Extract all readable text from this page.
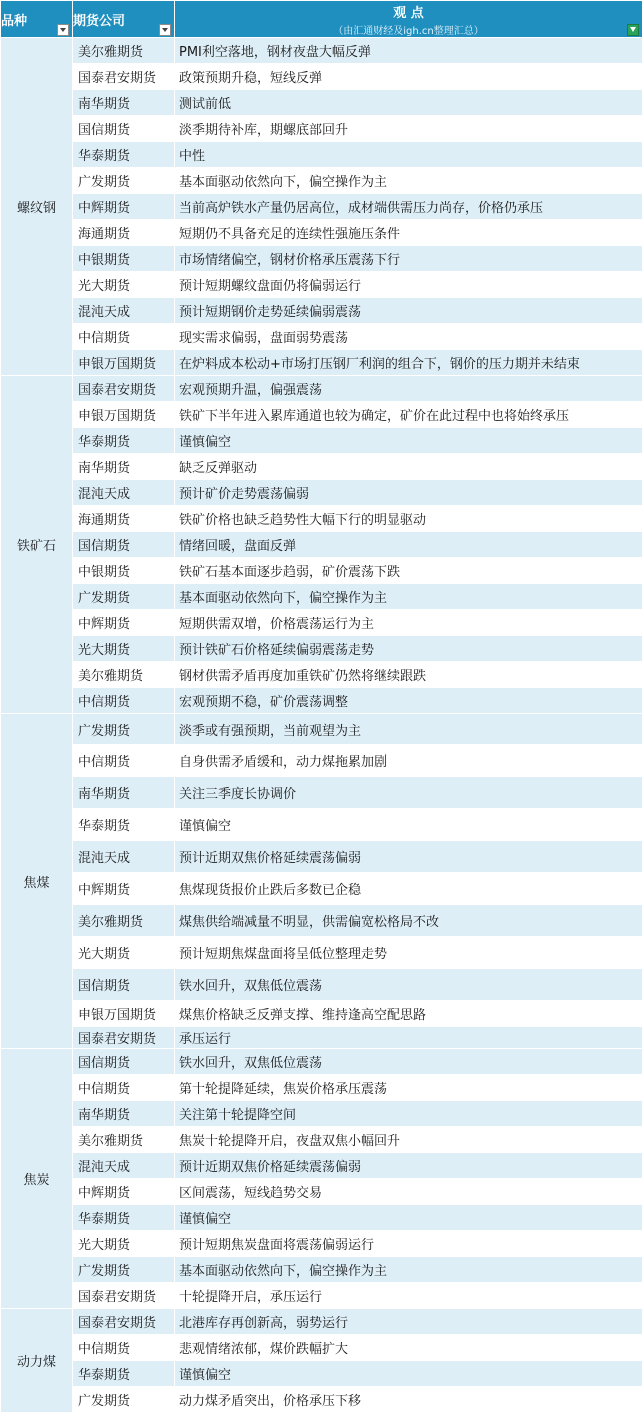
品种	期货公司	观 点
（由汇通财经及igh.cn整理汇总）

螺纹钢	美尔雅期货	PMI利空落地，钢材夜盘大幅反弹
	国泰君安期货	政策预期升稳，短线反弹
	南华期货	测试前低
	国信期货	淡季期待补库，期螺底部回升
	华泰期货	中性
	广发期货	基本面驱动依然向下，偏空操作为主
	中辉期货	当前高炉铁水产量仍居高位，成材端供需压力尚存，价格仍承压
	海通期货	短期仍不具备充足的连续性强施压条件
	中银期货	市场情绪偏空，钢材价格承压震荡下行
	光大期货	预计短期螺纹盘面仍将偏弱运行
	混沌天成	预计短期钢价走势延续偏弱震荡
	中信期货	现实需求偏弱，盘面弱势震荡
	申银万国期货	在炉料成本松动+市场打压钢厂利润的组合下，钢价的压力期并未结束
铁矿石	国泰君安期货	宏观预期升温，偏强震荡
	申银万国期货	铁矿下半年进入累库通道也较为确定，矿价在此过程中也将始终承压
	华泰期货	谨慎偏空
	南华期货	缺乏反弹驱动
	混沌天成	预计矿价走势震荡偏弱
	海通期货	铁矿价格也缺乏趋势性大幅下行的明显驱动
	国信期货	情绪回暖，盘面反弹
	中银期货	铁矿石基本面逐步趋弱，矿价震荡下跌
	广发期货	基本面驱动依然向下，偏空操作为主
	中辉期货	短期供需双增，价格震荡运行为主
	光大期货	预计铁矿石价格延续偏弱震荡走势
	美尔雅期货	钢材供需矛盾再度加重铁矿仍然将继续跟跌
	中信期货	宏观预期不稳，矿价震荡调整
焦煤	广发期货	淡季或有强预期，当前观望为主
	中信期货	自身供需矛盾缓和，动力煤拖累加剧
	南华期货	关注三季度长协调价
	华泰期货	谨慎偏空
	混沌天成	预计近期双焦价格延续震荡偏弱
	中辉期货	焦煤现货报价止跌后多数已企稳
	美尔雅期货	煤焦供给端减量不明显，供需偏宽松格局不改
	光大期货	预计短期焦煤盘面将呈低位整理走势
	国信期货	铁水回升，双焦低位震荡
	申银万国期货	煤焦价格缺乏反弹支撑、维持逢高空配思路
	国泰君安期货	承压运行
焦炭	国信期货	铁水回升，双焦低位震荡
	中信期货	第十轮提降延续，焦炭价格承压震荡
	南华期货	关注第十轮提降空间
	美尔雅期货	焦炭十轮提降开启，夜盘双焦小幅回升
	混沌天成	预计近期双焦价格延续震荡偏弱
	中辉期货	区间震荡，短线趋势交易
	华泰期货	谨慎偏空
	光大期货	预计短期焦炭盘面将震荡偏弱运行
	广发期货	基本面驱动依然向下，偏空操作为主
	国泰君安期货	十轮提降开启，承压运行
动力煤	国泰君安期货	北港库存再创新高，弱势运行
	中信期货	悲观情绪浓郁，煤价跌幅扩大
	华泰期货	谨慎偏空
	广发期货	动力煤矛盾突出，价格承压下移
